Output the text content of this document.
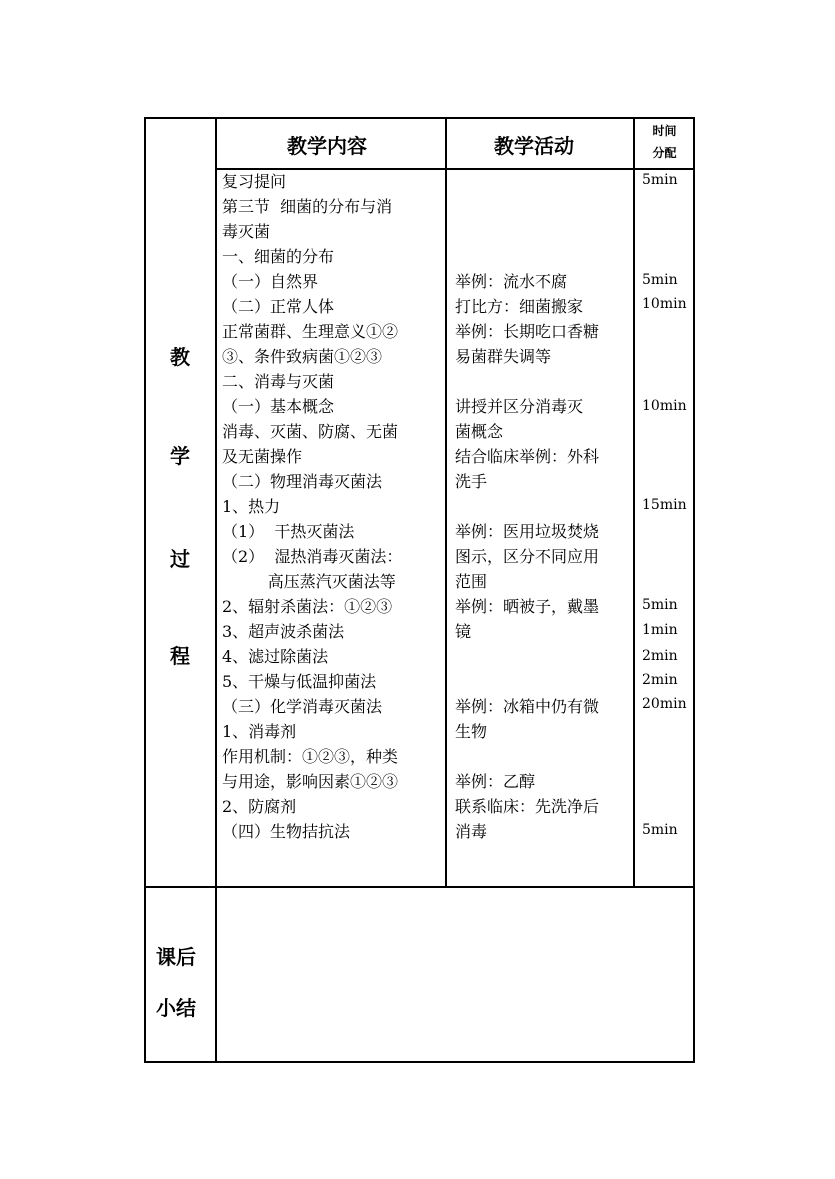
教学内容	教学活动
时间
分配
教
学
过
程
课后
小结
复习提问
第三节  细菌的分布与消
毒灭菌
一、细菌的分布
（一）自然界
（二）正常人体
正常菌群、生理意义①②
③、条件致病菌①②③
二、消毒与灭菌
（一）基本概念
消毒、灭菌、防腐、无菌
及无菌操作
（二）物理消毒灭菌法
1、热力
（1）  干热灭菌法
（2）  湿热消毒灭菌法：
高压蒸汽灭菌法等
2、辐射杀菌法：①②③
3、超声波杀菌法
4、滤过除菌法
5、干燥与低温抑菌法
（三）化学消毒灭菌法
1、消毒剂
作用机制：①②③，种类
与用途，影响因素①②③
2、防腐剂
（四）生物拮抗法
举例：流水不腐
打比方：细菌搬家
举例：长期吃口香糖
易菌群失调等
讲授并区分消毒灭
菌概念
结合临床举例：外科
洗手
举例：医用垃圾焚烧
图示，区分不同应用
范围
举例：晒被子，戴墨
镜
举例：冰箱中仍有微
生物
举例：乙醇
联系临床：先洗净后
消毒
5min
5min
10min
10min
15min
5min
1min
2min
2min
20min
5min
